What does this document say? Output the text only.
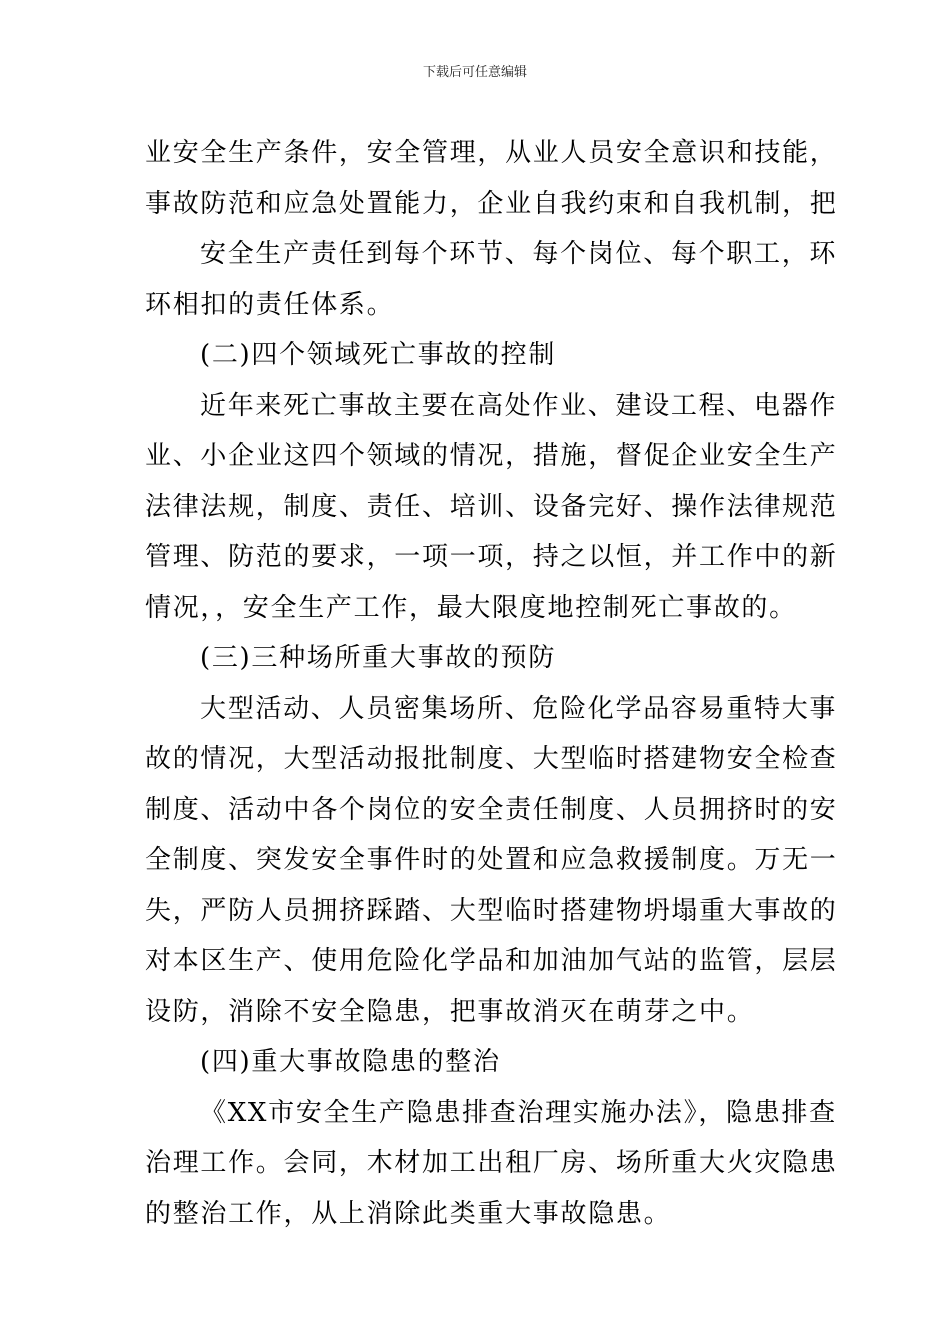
下载后可任意编辑

业安全生产条件，安全管理，从业人员安全意识和技能，

事故防范和应急处置能力，企业自我约束和自我机制，把

安全生产责任到每个环节、每个岗位、每个职工，环

环相扣的责任体系。

(二)四个领域死亡事故的控制

近年来死亡事故主要在高处作业、建设工程、电器作

业、小企业这四个领域的情况，措施，督促企业安全生产

法律法规，制度、责任、培训、设备完好、操作法律规范

管理、防范的要求，一项一项，持之以恒，并工作中的新

情况，，安全生产工作，最大限度地控制死亡事故的。

(三)三种场所重大事故的预防

大型活动、人员密集场所、危险化学品容易重特大事

故的情况，大型活动报批制度、大型临时搭建物安全检查

制度、活动中各个岗位的安全责任制度、人员拥挤时的安

全制度、突发安全事件时的处置和应急救援制度。万无一

失，严防人员拥挤踩踏、大型临时搭建物坍塌重大事故的

对本区生产、使用危险化学品和加油加气站的监管，层层

设防，消除不安全隐患，把事故消灭在萌芽之中。

(四)重大事故隐患的整治

《XX市安全生产隐患排查治理实施办法》，隐患排查

治理工作。会同，木材加工出租厂房、场所重大火灾隐患

的整治工作，从上消除此类重大事故隐患。
